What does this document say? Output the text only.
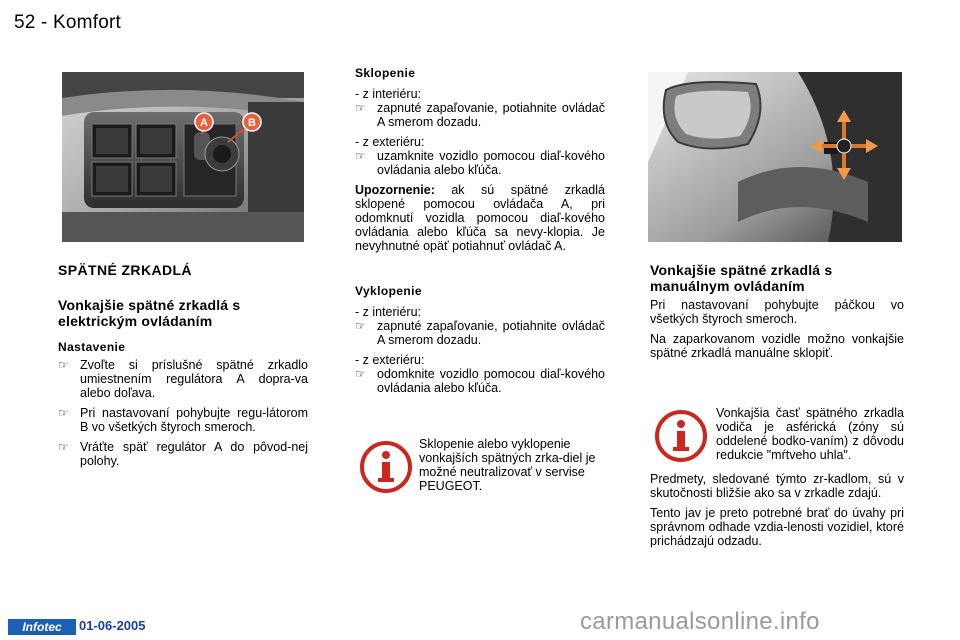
52 - Komfort
A	B
SPÄTNÉ ZRKADLÁ
Vonkajšie spätné zrkadlá s
elektrickým ovládaním
Nastavenie
☞ Zvoľte si príslušné spätné zrkadlo umiestnením regulátora A dopra-va alebo doľava.
☞ Pri nastavovaní pohybujte regu-látorom B vo všetkých štyroch smeroch.
☞ Vráťte späť regulátor A do pôvod-nej polohy.
Sklopenie
- z interiéru:
☞ zapnuté zapaľovanie, potiahnite ovládač A smerom dozadu.
- z exteriéru:
☞ uzamknite vozidlo pomocou diaľ-kového ovládania alebo kľúča.

Upozornenie: ak sú spätné zrkadlá sklopené pomocou ovládača A, pri odomknutí vozidla pomocou diaľ-kového ovládania alebo kľúča sa nevy-klopia. Je nevyhnutné opäť potiahnuť ovládač A.

Vyklopenie
- z interiéru:
☞ zapnuté zapaľovanie, potiahnite ovládač A smerom dozadu.
- z exteriéru:
☞ odomknite vozidlo pomocou diaľ-kového ovládania alebo kľúča.
Sklopenie alebo vyklopenie vonkajších spätných zrka-diel je možné neutralizovať v servise PEUGEOT.
Vonkajšie spätné zrkadlá s
manuálnym ovládaním

Pri nastavovaní pohybujte páčkou vo všetkých štyroch smeroch.

Na zaparkovanom vozidle možno vonkajšie spätné zrkadlá manuálne sklopiť.

Vonkajšia časť spätného zrkadla vodiča je asférická (zóny sú oddelené bodko-vaním) z dôvodu redukcie "mŕtveho uhla".

Predmety, sledované týmto zr-kadlom, sú v skutočnosti bližšie ako sa v zrkadle zdajú.

Tento jav je preto potrebné brať do úvahy pri správnom odhade vzdia-lenosti vozidiel, ktoré prichádzajú odzadu.

Infotec	01-06-2005	carmanualsonline.info
